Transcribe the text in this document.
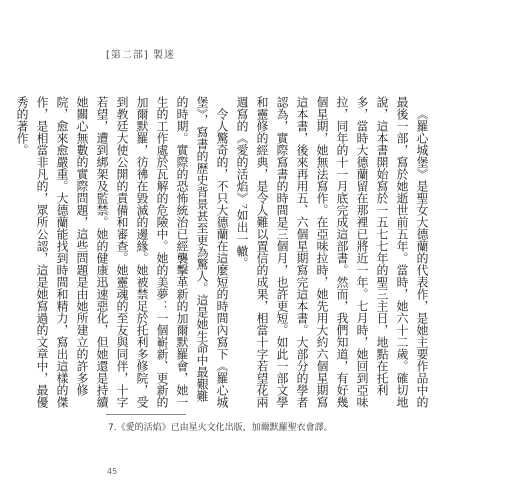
[第二部] 製迷

《羅心城堡》是聖女大德蘭的代表作，是她主要作品中的最後一部，寫於她逝世前五年。當時，她六十二歲。確切地說，這本書開始寫於一五七七年的聖三主日，地點在托利多，當時大德蘭留在那裡已將近一年。七月時，她回到亞味拉，同年的十一月底完成這部書。然而，我們知道，有好幾個星期，她無法寫作。在亞味拉時，她先用大約六個星期寫這本書，後來再用五、六個星期寫完這本書。大部分的學者認為，實際寫書的時間是三個月，也許更短。如此一部文學和靈修的經典，是令人難以置信的成果，相當十字若望花兩週寫的《愛的活焰》⁷如出一轍。

令人驚奇的，不只大德蘭在這麼短的時間內寫下《羅心城堡》，寫書的歷史背景甚至更為驚人。這是她生命中最艱難的時期。實際的恐怖統治已經襲擊革新的加爾默羅會，她一生的工作處於瓦解的危險中。她的美夢：一個嶄新、更新的加爾默羅，彷彿在毀滅的邊緣。她被禁足於托利多修院，受到教廷大使公開的責備和審查。她靈魂的至友與同伴，十字若望，遭到綁架及監禁。她的健康迅速惡化，但她還是持續她關心無數的實際問題，這些問題是由她所建立的許多修院，愈來愈嚴重。大德蘭能找到時間和精力，寫出這樣的傑作，是相當非凡的，眾所公認，這是她寫過的文章中，最優秀的著作。

7.《愛的活焰》已由星火文化出版，加爾默羅聖衣會譯。
45
